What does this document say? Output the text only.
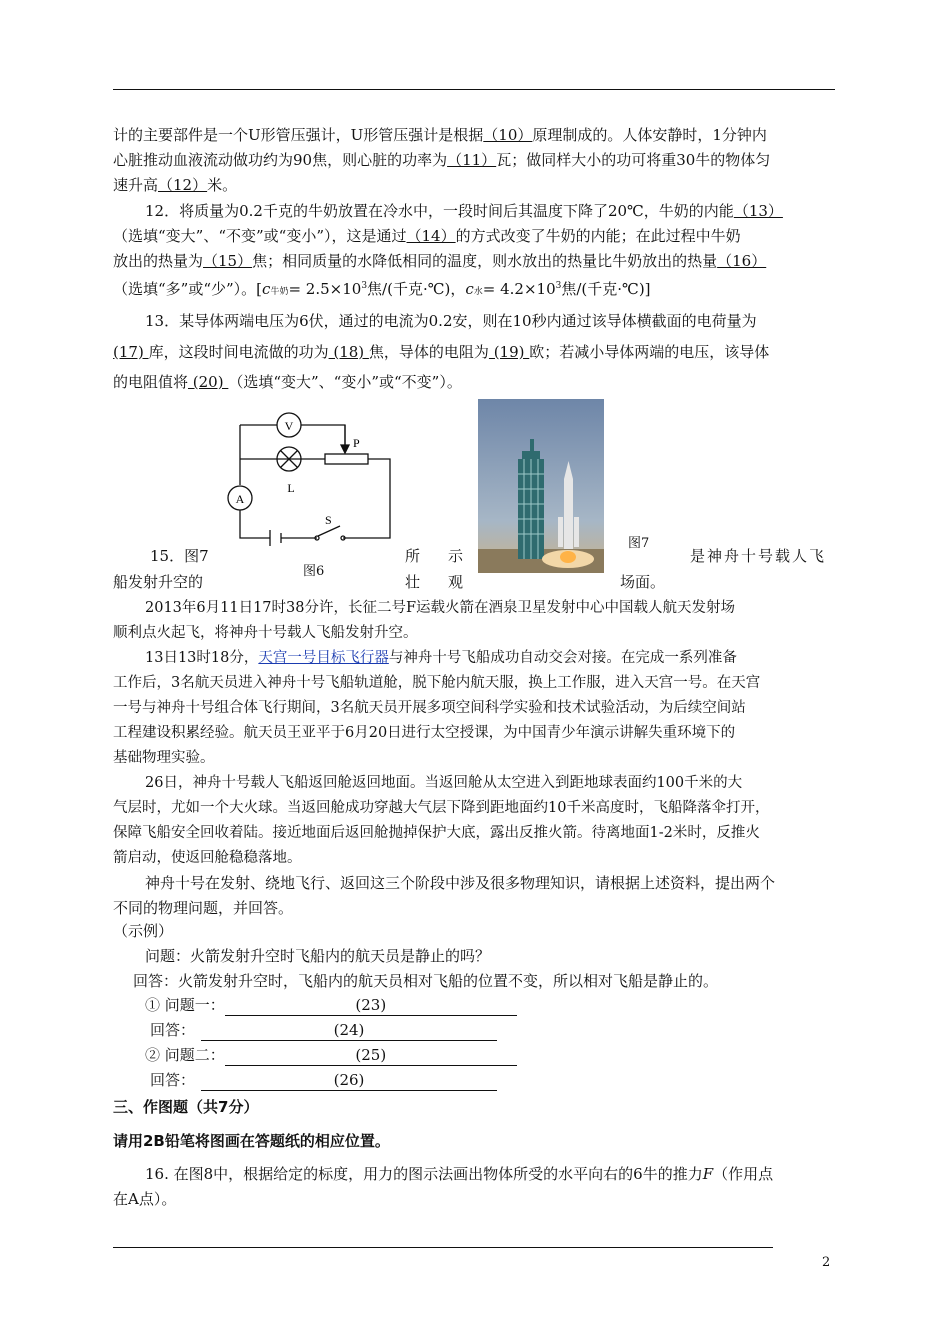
计的主要部件是一个U形管压强计，U形管压强计是根据（10）原理制成的。人体安静时，1分钟内
心脏推动血液流动做功约为90焦，则心脏的功率为（11）瓦；做同样大小的功可将重30牛的物体匀
速升高（12）米。
12．将质量为0.2千克的牛奶放置在冷水中，一段时间后其温度下降了20℃，牛奶的内能（13）
（选填“变大”、“不变”或“变小”），这是通过（14）的方式改变了牛奶的内能；在此过程中牛奶
放出的热量为（15）焦；相同质量的水降低相同的温度，则水放出的热量比牛奶放出的热量（16）
（选填“多”或“少”）。[c牛奶= $2.5\times 10^3$焦/(千克·℃)，c水= $4.2\times 10^3$焦/(千克·℃)]
13．某导体两端电压为6伏，通过的电流为0.2安，则在10秒内通过该导体横截面的电荷量为
(17) 库，这段时间电流做的功为 (18) 焦，导体的电阻为 (19) 欧；若减小导体两端的电压，该导体
的电阻值将 (20) （选填“变大”、“变小”或“不变”）。
V
A
L
P
S
图6
图7
15．图7	所 示	是神舟十号载人飞
船发射升空的	壮 观	场面。
2013年6月11日17时38分许，长征二号F运载火箭在酒泉卫星发射中心中国载人航天发射场
顺利点火起飞，将神舟十号载人飞船发射升空。
13日13时18分，天宫一号目标飞行器与神舟十号飞船成功自动交会对接。在完成一系列准备
工作后，3名航天员进入神舟十号飞船轨道舱，脱下舱内航天服，换上工作服，进入天宫一号。在天宫
一号与神舟十号组合体飞行期间，3名航天员开展多项空间科学实验和技术试验活动，为后续空间站
工程建设积累经验。航天员王亚平于6月20日进行太空授课，为中国青少年演示讲解失重环境下的
基础物理实验。
26日，神舟十号载人飞船返回舱返回地面。当返回舱从太空进入到距地球表面约100千米的大
气层时，尤如一个大火球。当返回舱成功穿越大气层下降到距地面约10千米高度时，飞船降落伞打开，
保障飞船安全回收着陆。接近地面后返回舱抛掉保护大底，露出反推火箭。待离地面1-2米时，反推火
箭启动，使返回舱稳稳落地。
神舟十号在发射、绕地飞行、返回这三个阶段中涉及很多物理知识，请根据上述资料，提出两个
不同的物理问题，并回答。
（示例）
问题：火箭发射升空时飞船内的航天员是静止的吗？
回答：火箭发射升空时，飞船内的航天员相对飞船的位置不变，所以相对飞船是静止的。
① 问题一：	(23)
回答：	(24)
② 问题二：	(25)
回答：	(26)
三、作图题（共7分）
请用2B铅笔将图画在答题纸的相应位置。
16. 在图8中，根据给定的标度，用力的图示法画出物体所受的水平向右的6牛的推力F（作用点
在A点）。
2
